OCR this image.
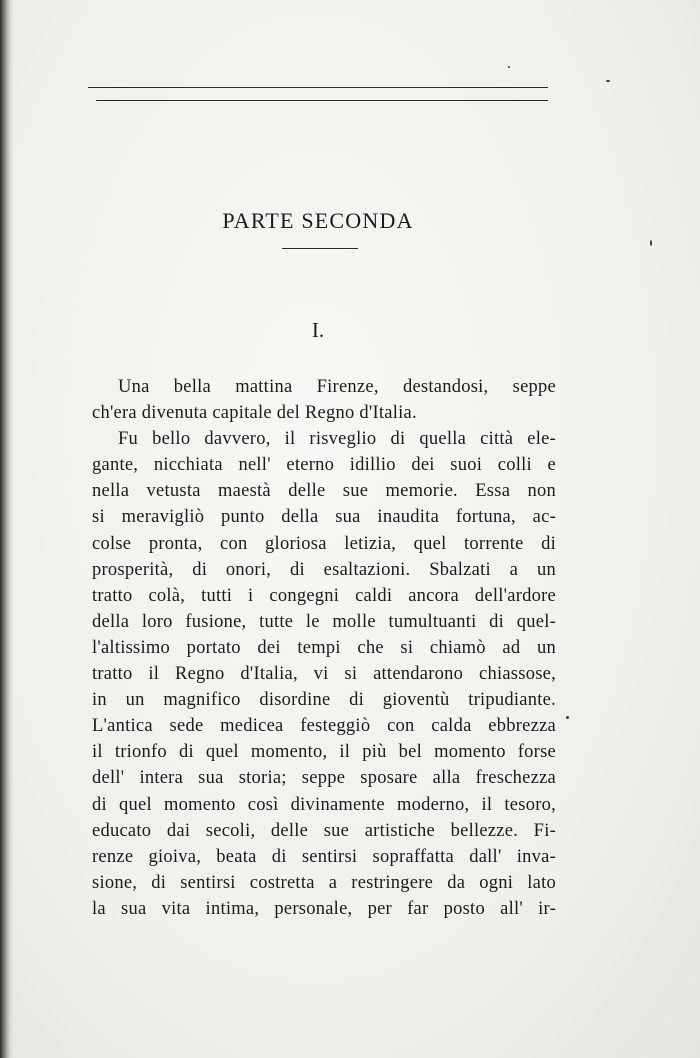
PARTE SECONDA
I.
Una bella mattina Firenze, destandosi, seppe
ch'era divenuta capitale del Regno d'Italia.
Fu bello davvero, il risveglio di quella città ele-
gante, nicchiata nell' eterno idillio dei suoi colli e
nella vetusta maestà delle sue memorie. Essa non
si meravigliò punto della sua inaudita fortuna, ac-
colse pronta, con gloriosa letizia, quel torrente di
prosperità, di onori, di esaltazioni. Sbalzati a un
tratto colà, tutti i congegni caldi ancora dell'ardore
della loro fusione, tutte le molle tumultuanti di quel-
l'altissimo portato dei tempi che si chiamò ad un
tratto il Regno d'Italia, vi si attendarono chiassose,
in un magnifico disordine di gioventù tripudiante.
L'antica sede medicea festeggiò con calda ebbrezza
il trionfo di quel momento, il più bel momento forse
dell' intera sua storia; seppe sposare alla freschezza
di quel momento così divinamente moderno, il tesoro,
educato dai secoli, delle sue artistiche bellezze. Fi-
renze gioiva, beata di sentirsi sopraffatta dall' inva-
sione, di sentirsi costretta a restringere da ogni lato
la sua vita intima, personale, per far posto all' ir-
